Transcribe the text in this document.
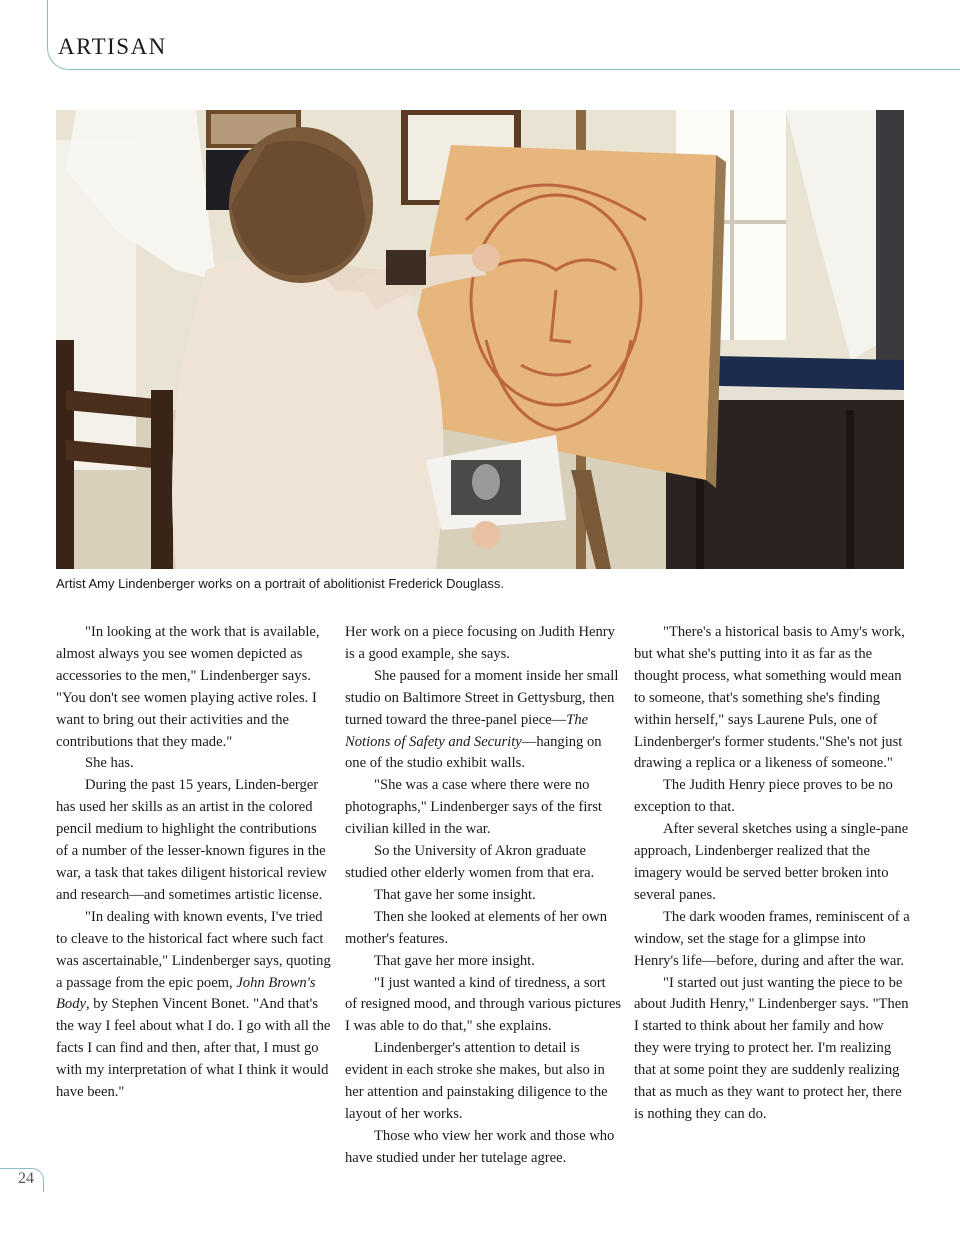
ARTISAN
Artist Amy Lindenberger works on a portrait of abolitionist Frederick Douglass.

"In looking at the work that is available, almost always you see women depicted as accessories to the men," Lindenberger says. "You don't see women playing active roles. I want to bring out their activities and the contributions that they made."

She has.

During the past 15 years, Linden-berger has used her skills as an artist in the colored pencil medium to highlight the contributions of a number of the lesser-known figures in the war, a task that takes diligent historical review and research—and sometimes artistic license.

"In dealing with known events, I've tried to cleave to the historical fact where such fact was ascertainable," Lindenberger says, quoting a passage from the epic poem, John Brown's Body, by Stephen Vincent Bonet. "And that's the way I feel about what I do. I go with all the facts I can find and then, after that, I must go with my interpretation of what I think it would have been."

Her work on a piece focusing on Judith Henry is a good example, she says.

She paused for a moment inside her small studio on Baltimore Street in Gettysburg, then turned toward the three-panel piece—The Notions of Safety and Security—hanging on one of the studio exhibit walls.

"She was a case where there were no photographs," Lindenberger says of the first civilian killed in the war.

So the University of Akron graduate studied other elderly women from that era.

That gave her some insight.

Then she looked at elements of her own mother's features.

That gave her more insight.

"I just wanted a kind of tiredness, a sort of resigned mood, and through various pictures I was able to do that," she explains.

Lindenberger's attention to detail is evident in each stroke she makes, but also in her attention and painstaking diligence to the layout of her works.

Those who view her work and those who have studied under her tutelage agree.

"There's a historical basis to Amy's work, but what she's putting into it as far as the thought process, what something would mean to someone, that's something she's finding within herself," says Laurene Puls, one of Lindenberger's former students."She's not just drawing a replica or a likeness of someone."

The Judith Henry piece proves to be no exception to that.

After several sketches using a single-pane approach, Lindenberger realized that the imagery would be served better broken into several panes.

The dark wooden frames, reminiscent of a window, set the stage for a glimpse into Henry's life—before, during and after the war.

"I started out just wanting the piece to be about Judith Henry," Lindenberger says. "Then I started to think about her family and how they were trying to protect her. I'm realizing that at some point they are suddenly realizing that as much as they want to protect her, there is nothing they can do.

24
